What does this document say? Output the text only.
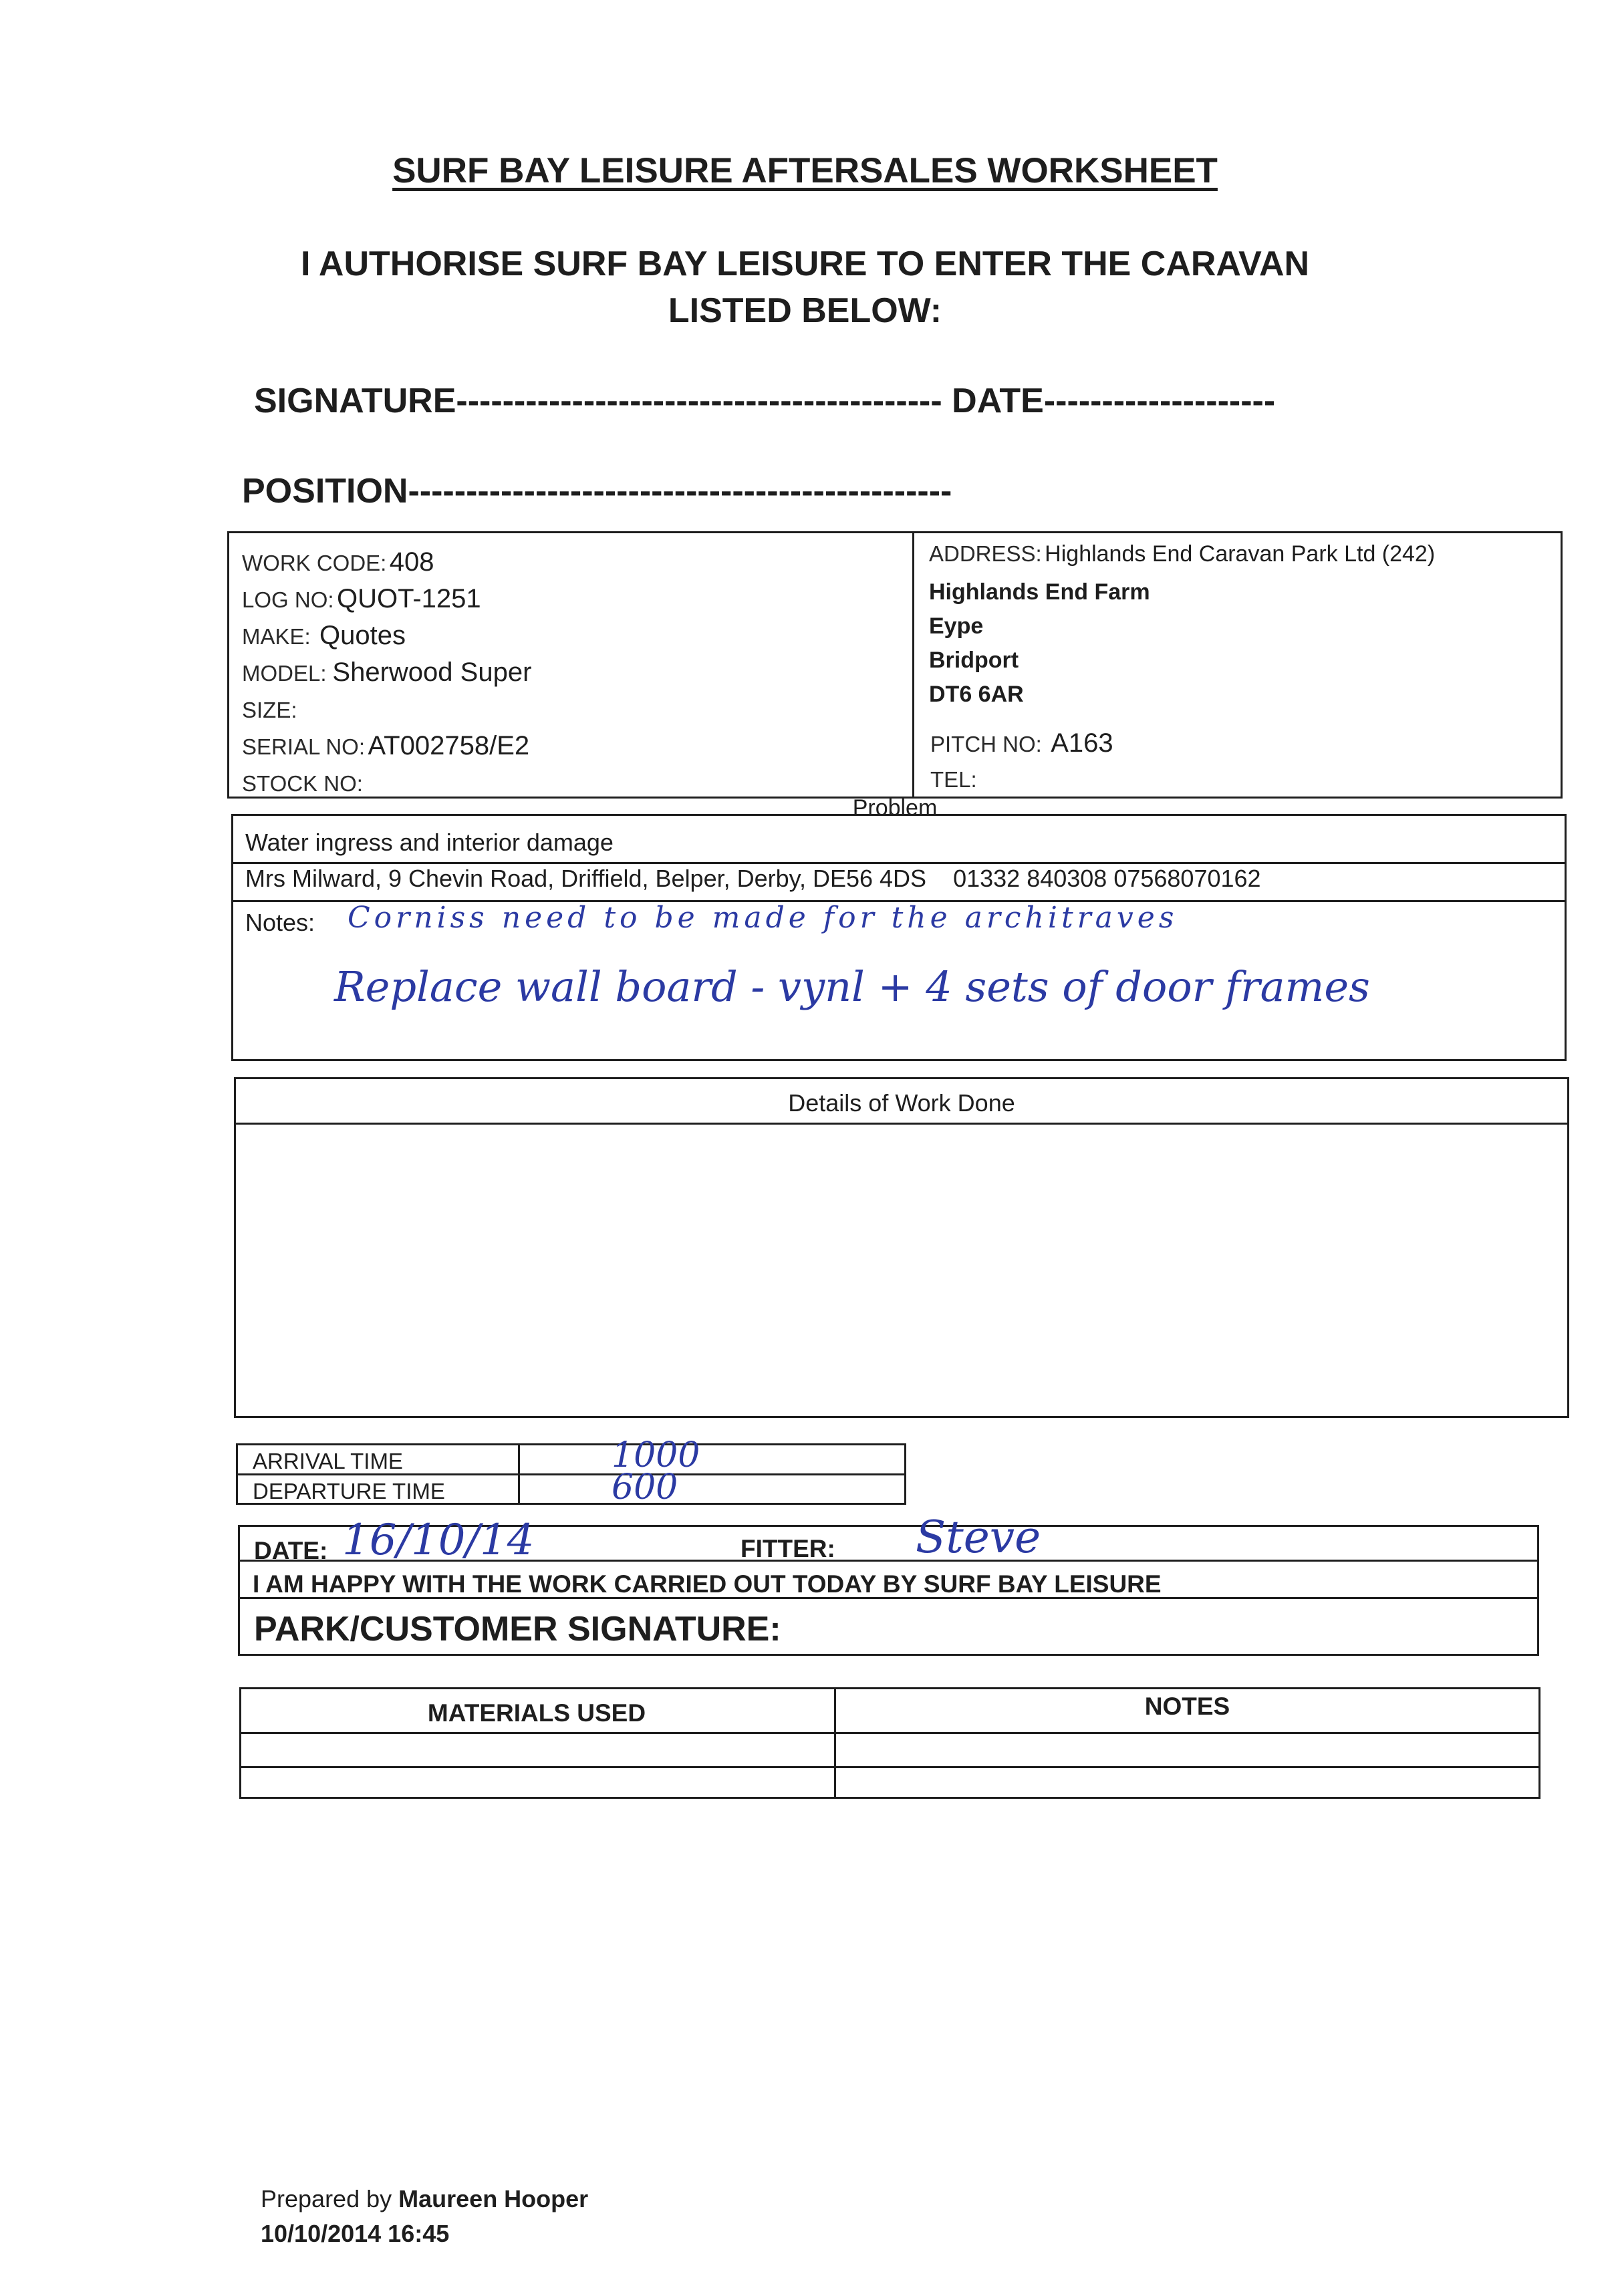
SURF BAY LEISURE AFTERSALES WORKSHEET
I AUTHORISE SURF BAY LEISURE TO ENTER THE CARAVAN
LISTED BELOW:
SIGNATURE------------------------------------------ DATE--------------------
POSITION-----------------------------------------------
WORK CODE: 408
LOG NO: QUOT-1251
MAKE: Quotes
MODEL: Sherwood Super
SIZE:
SERIAL NO: AT002758/E2
STOCK NO:
ADDRESS: Highlands End Caravan Park Ltd (242)
Highlands End Farm
Eype
Bridport
DT6 6AR
PITCH NO: A163
TEL:
Problem
Water ingress and interior damage
Mrs Milward, 9 Chevin Road, Driffield, Belper, Derby, DE56 4DS 01332 840308 07568070162
Notes: Corniss need to be made for the architraves
Replace wall board - vynl + 4 sets of door frames
Details of Work Done
ARRIVAL TIME
DEPARTURE TIME
1000
600
DATE: 16/10/14	FITTER: Steve
I AM HAPPY WITH THE WORK CARRIED OUT TODAY BY SURF BAY LEISURE
PARK/CUSTOMER SIGNATURE:
MATERIALS USED	NOTES
Prepared by Maureen Hooper
10/10/2014 16:45
